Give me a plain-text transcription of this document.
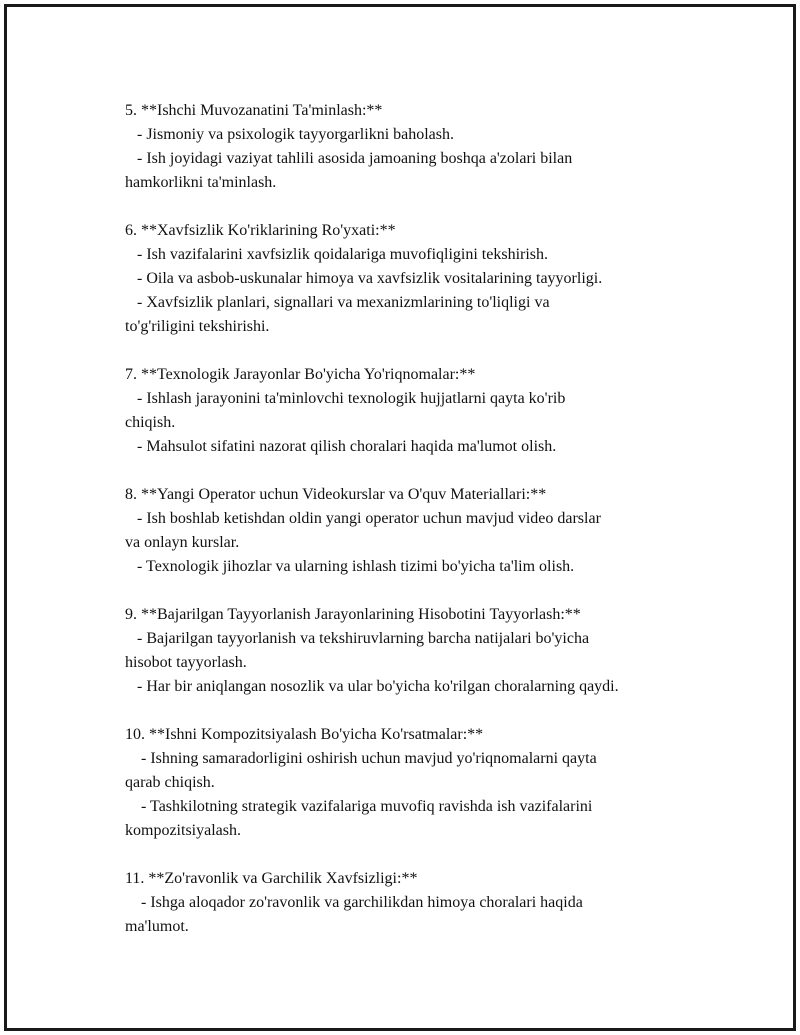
5. **Ishchi Muvozanatini Ta'minlash:**
- Jismoniy va psixologik tayyorgarlikni baholash.
- Ish joyidagi vaziyat tahlili asosida jamoaning boshqa a'zolari bilan
hamkorlikni ta'minlash.
6. **Xavfsizlik Ko'riklarining Ro'yxati:**
- Ish vazifalarini xavfsizlik qoidalariga muvofiqligini tekshirish.
- Oila va asbob-uskunalar himoya va xavfsizlik vositalarining tayyorligi.
- Xavfsizlik planlari, signallari va mexanizmlarining to'liqligi va
to'g'riligini tekshirishi.
7. **Texnologik Jarayonlar Bo'yicha Yo'riqnomalar:**
- Ishlash jarayonini ta'minlovchi texnologik hujjatlarni qayta ko'rib
chiqish.
- Mahsulot sifatini nazorat qilish choralari haqida ma'lumot olish.
8. **Yangi Operator uchun Videokurslar va O'quv Materiallari:**
- Ish boshlab ketishdan oldin yangi operator uchun mavjud video darslar
va onlayn kurslar.
- Texnologik jihozlar va ularning ishlash tizimi bo'yicha ta'lim olish.
9. **Bajarilgan Tayyorlanish Jarayonlarining Hisobotini Tayyorlash:**
- Bajarilgan tayyorlanish va tekshiruvlarning barcha natijalari bo'yicha
hisobot tayyorlash.
- Har bir aniqlangan nosozlik va ular bo'yicha ko'rilgan choralarning qaydi.
10. **Ishni Kompozitsiyalash Bo'yicha Ko'rsatmalar:**
- Ishning samaradorligini oshirish uchun mavjud yo'riqnomalarni qayta
qarab chiqish.
- Tashkilotning strategik vazifalariga muvofiq ravishda ish vazifalarini
kompozitsiyalash.
11. **Zo'ravonlik va Garchilik Xavfsizligi:**
- Ishga aloqador zo'ravonlik va garchilikdan himoya choralari haqida
ma'lumot.
